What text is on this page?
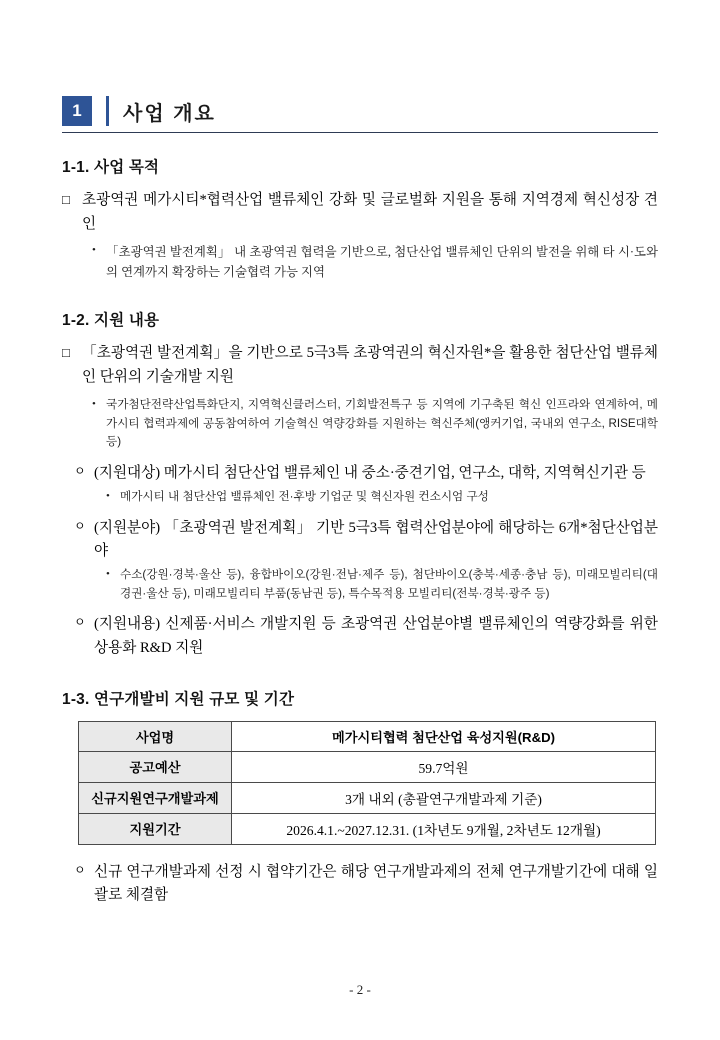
1	사업 개요
1-1. 사업 목적
□ 초광역권 메가시티*협력산업 밸류체인 강화 및 글로벌화 지원을 통해 지역경제 혁신성장 견인
• 「초광역권 발전계획」 내 초광역권 협력을 기반으로, 첨단산업 밸류체인 단위의 발전을 위해 타 시·도와의 연계까지 확장하는 기술협력 가능 지역
1-2. 지원 내용
□ 「초광역권 발전계획」을 기반으로 5극3특 초광역권의 혁신자원*을 활용한 첨단산업 밸류체인 단위의 기술개발 지원
• 국가첨단전략산업특화단지, 지역혁신클러스터, 기회발전특구 등 지역에 기구축된 혁신 인프라와 연계하여, 메가시티 협력과제에 공동참여하여 기술혁신 역량강화를 지원하는 혁신주체(앵커기업, 국내외 연구소, RISE대학 등)
ㅇ (지원대상) 메가시티 첨단산업 밸류체인 내 중소·중견기업, 연구소, 대학, 지역혁신기관 등
• 메가시티 내 첨단산업 밸류체인 전·후방 기업군 및 혁신자원 컨소시엄 구성
ㅇ (지원분야) 「초광역권 발전계획」 기반 5극3특 협력산업분야에 해당하는 6개*첨단산업분야
• 수소(강원·경북·울산 등), 융합바이오(강원·전남·제주 등), 첨단바이오(충북·세종·충남 등), 미래모빌리티(대경권·울산 등), 미래모빌리티 부품(동남권 등), 특수목적용 모빌리티(전북·경북·광주 등)
ㅇ (지원내용) 신제품·서비스 개발지원 등 초광역권 산업분야별 밸류체인의 역량강화를 위한 상용화 R&D 지원
1-3. 연구개발비 지원 규모 및 기간
사업명	메가시티협력 첨단산업 육성지원(R&D)
공고예산	59.7억원
신규지원연구개발과제	3개 내외 (총괄연구개발과제 기준)
지원기간	2026.4.1.~2027.12.31. (1차년도 9개월, 2차년도 12개월)
ㅇ 신규 연구개발과제 선정 시 협약기간은 해당 연구개발과제의 전체 연구개발기간에 대해 일괄로 체결함
- 2 -
